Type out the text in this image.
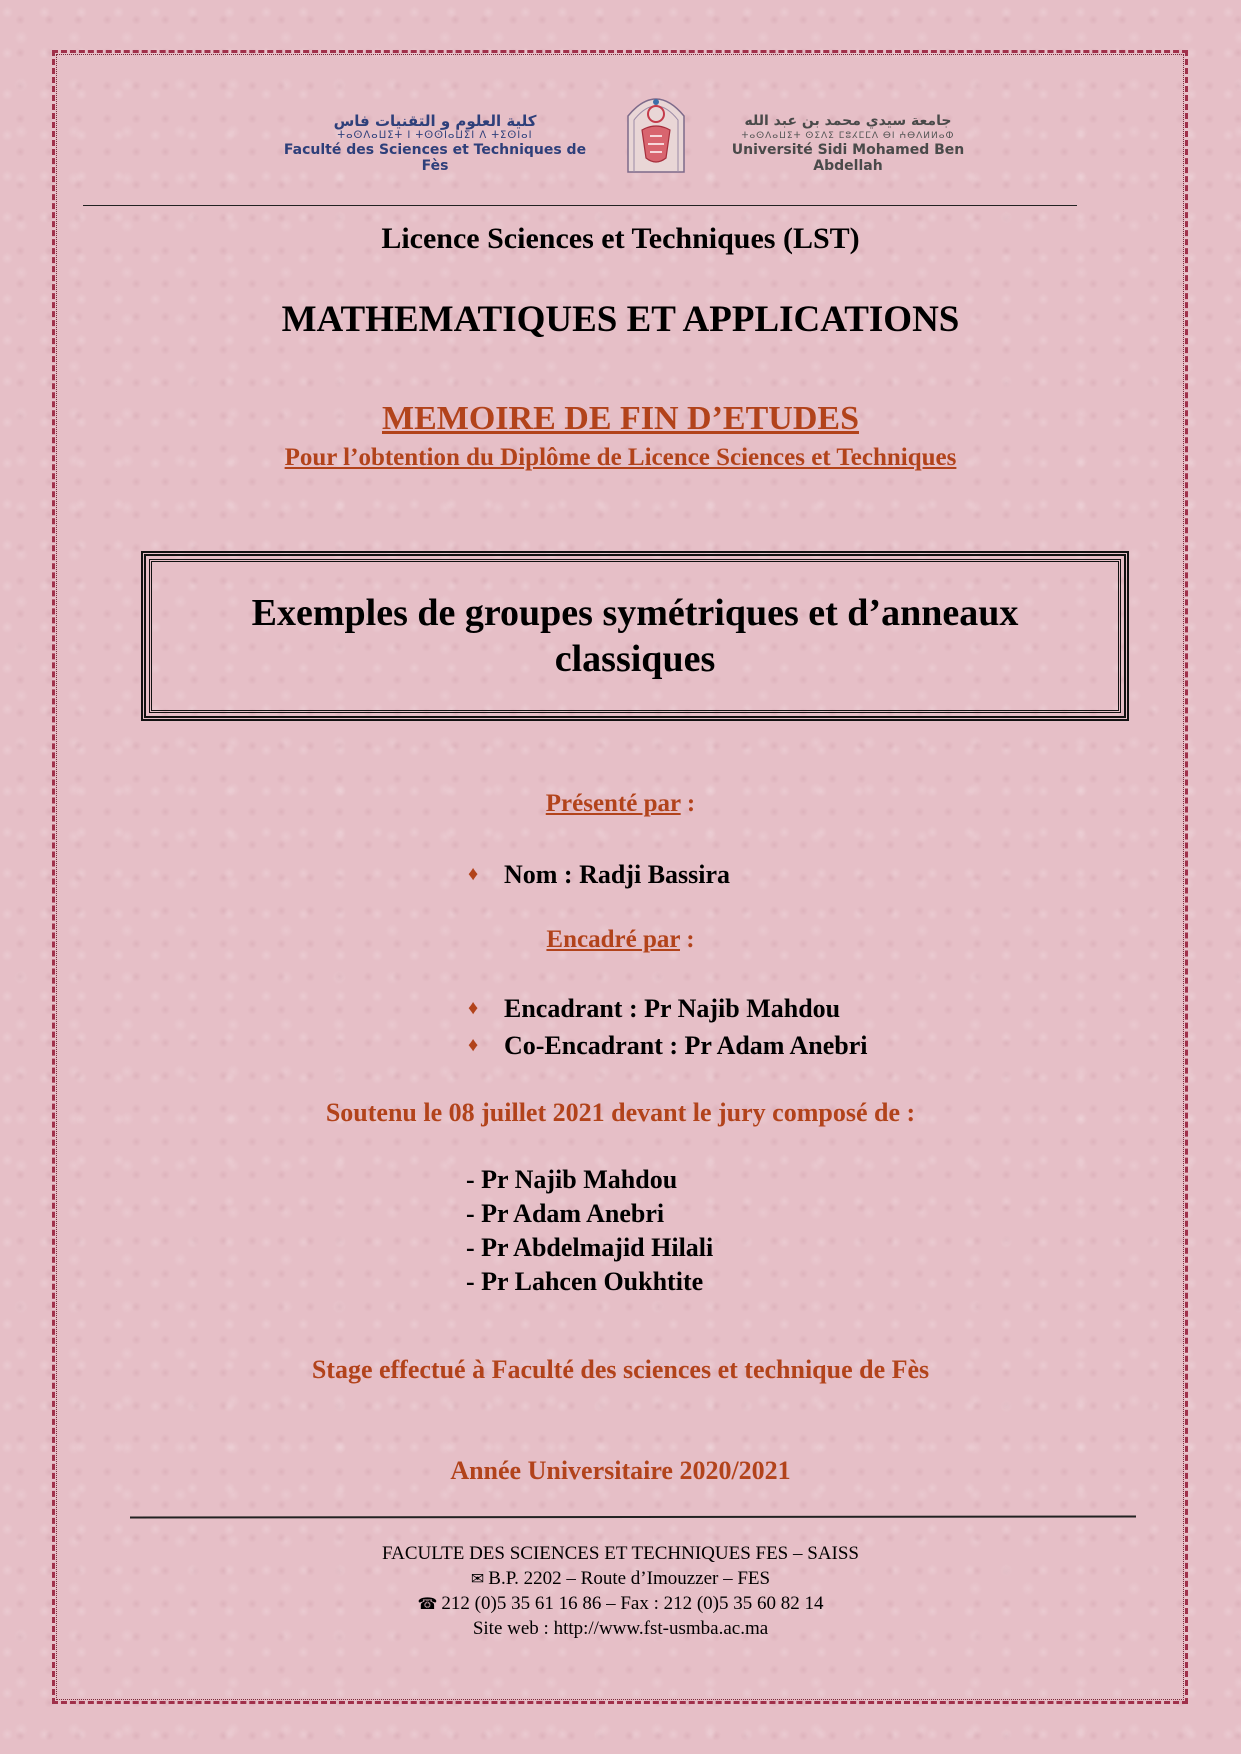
كلية العلوم و التقنيات فاس
ⵜⴰⵙⴷⴰⵡⵉⵜ ⵏ ⵜⵙⵙⵏⴰⵡⵉⵏ ⴷ ⵜⵉⵙⵏⴰⵏ
Faculté des Sciences et Techniques de Fès
جامعة سيدي محمد بن عبد الله
ⵜⴰⵙⴷⴰⵡⵉⵜ ⵙⵉⴷⵉ ⵎⵓⵃⵎⵎⴷ ⴱⵏ ⵄⴱⴷⵍⵍⴰⵀ
Université Sidi Mohamed Ben Abdellah
Licence Sciences et Techniques (LST)
MATHEMATIQUES ET APPLICATIONS
MEMOIRE DE FIN D’ETUDES
Pour l’obtention du Diplôme de Licence Sciences et Techniques
Exemples de groupes symétriques et d’anneaux classiques
Présenté par :
♦ Nom : Radji Bassira
Encadré par :
♦ Encadrant : Pr Najib Mahdou
♦ Co-Encadrant : Pr Adam Anebri
Soutenu le 08 juillet 2021 devant le jury composé de :
- Pr Najib Mahdou
- Pr Adam Anebri
- Pr Abdelmajid Hilali
- Pr Lahcen Oukhtite
Stage effectué à Faculté des sciences et technique de Fès
Année Universitaire 2020/2021
FACULTE DES SCIENCES ET TECHNIQUES FES – SAISS
✉ B.P. 2202 – Route d’Imouzzer – FES
☎ 212 (0)5 35 61 16 86 – Fax : 212 (0)5 35 60 82 14
Site web : http://www.fst-usmba.ac.ma
